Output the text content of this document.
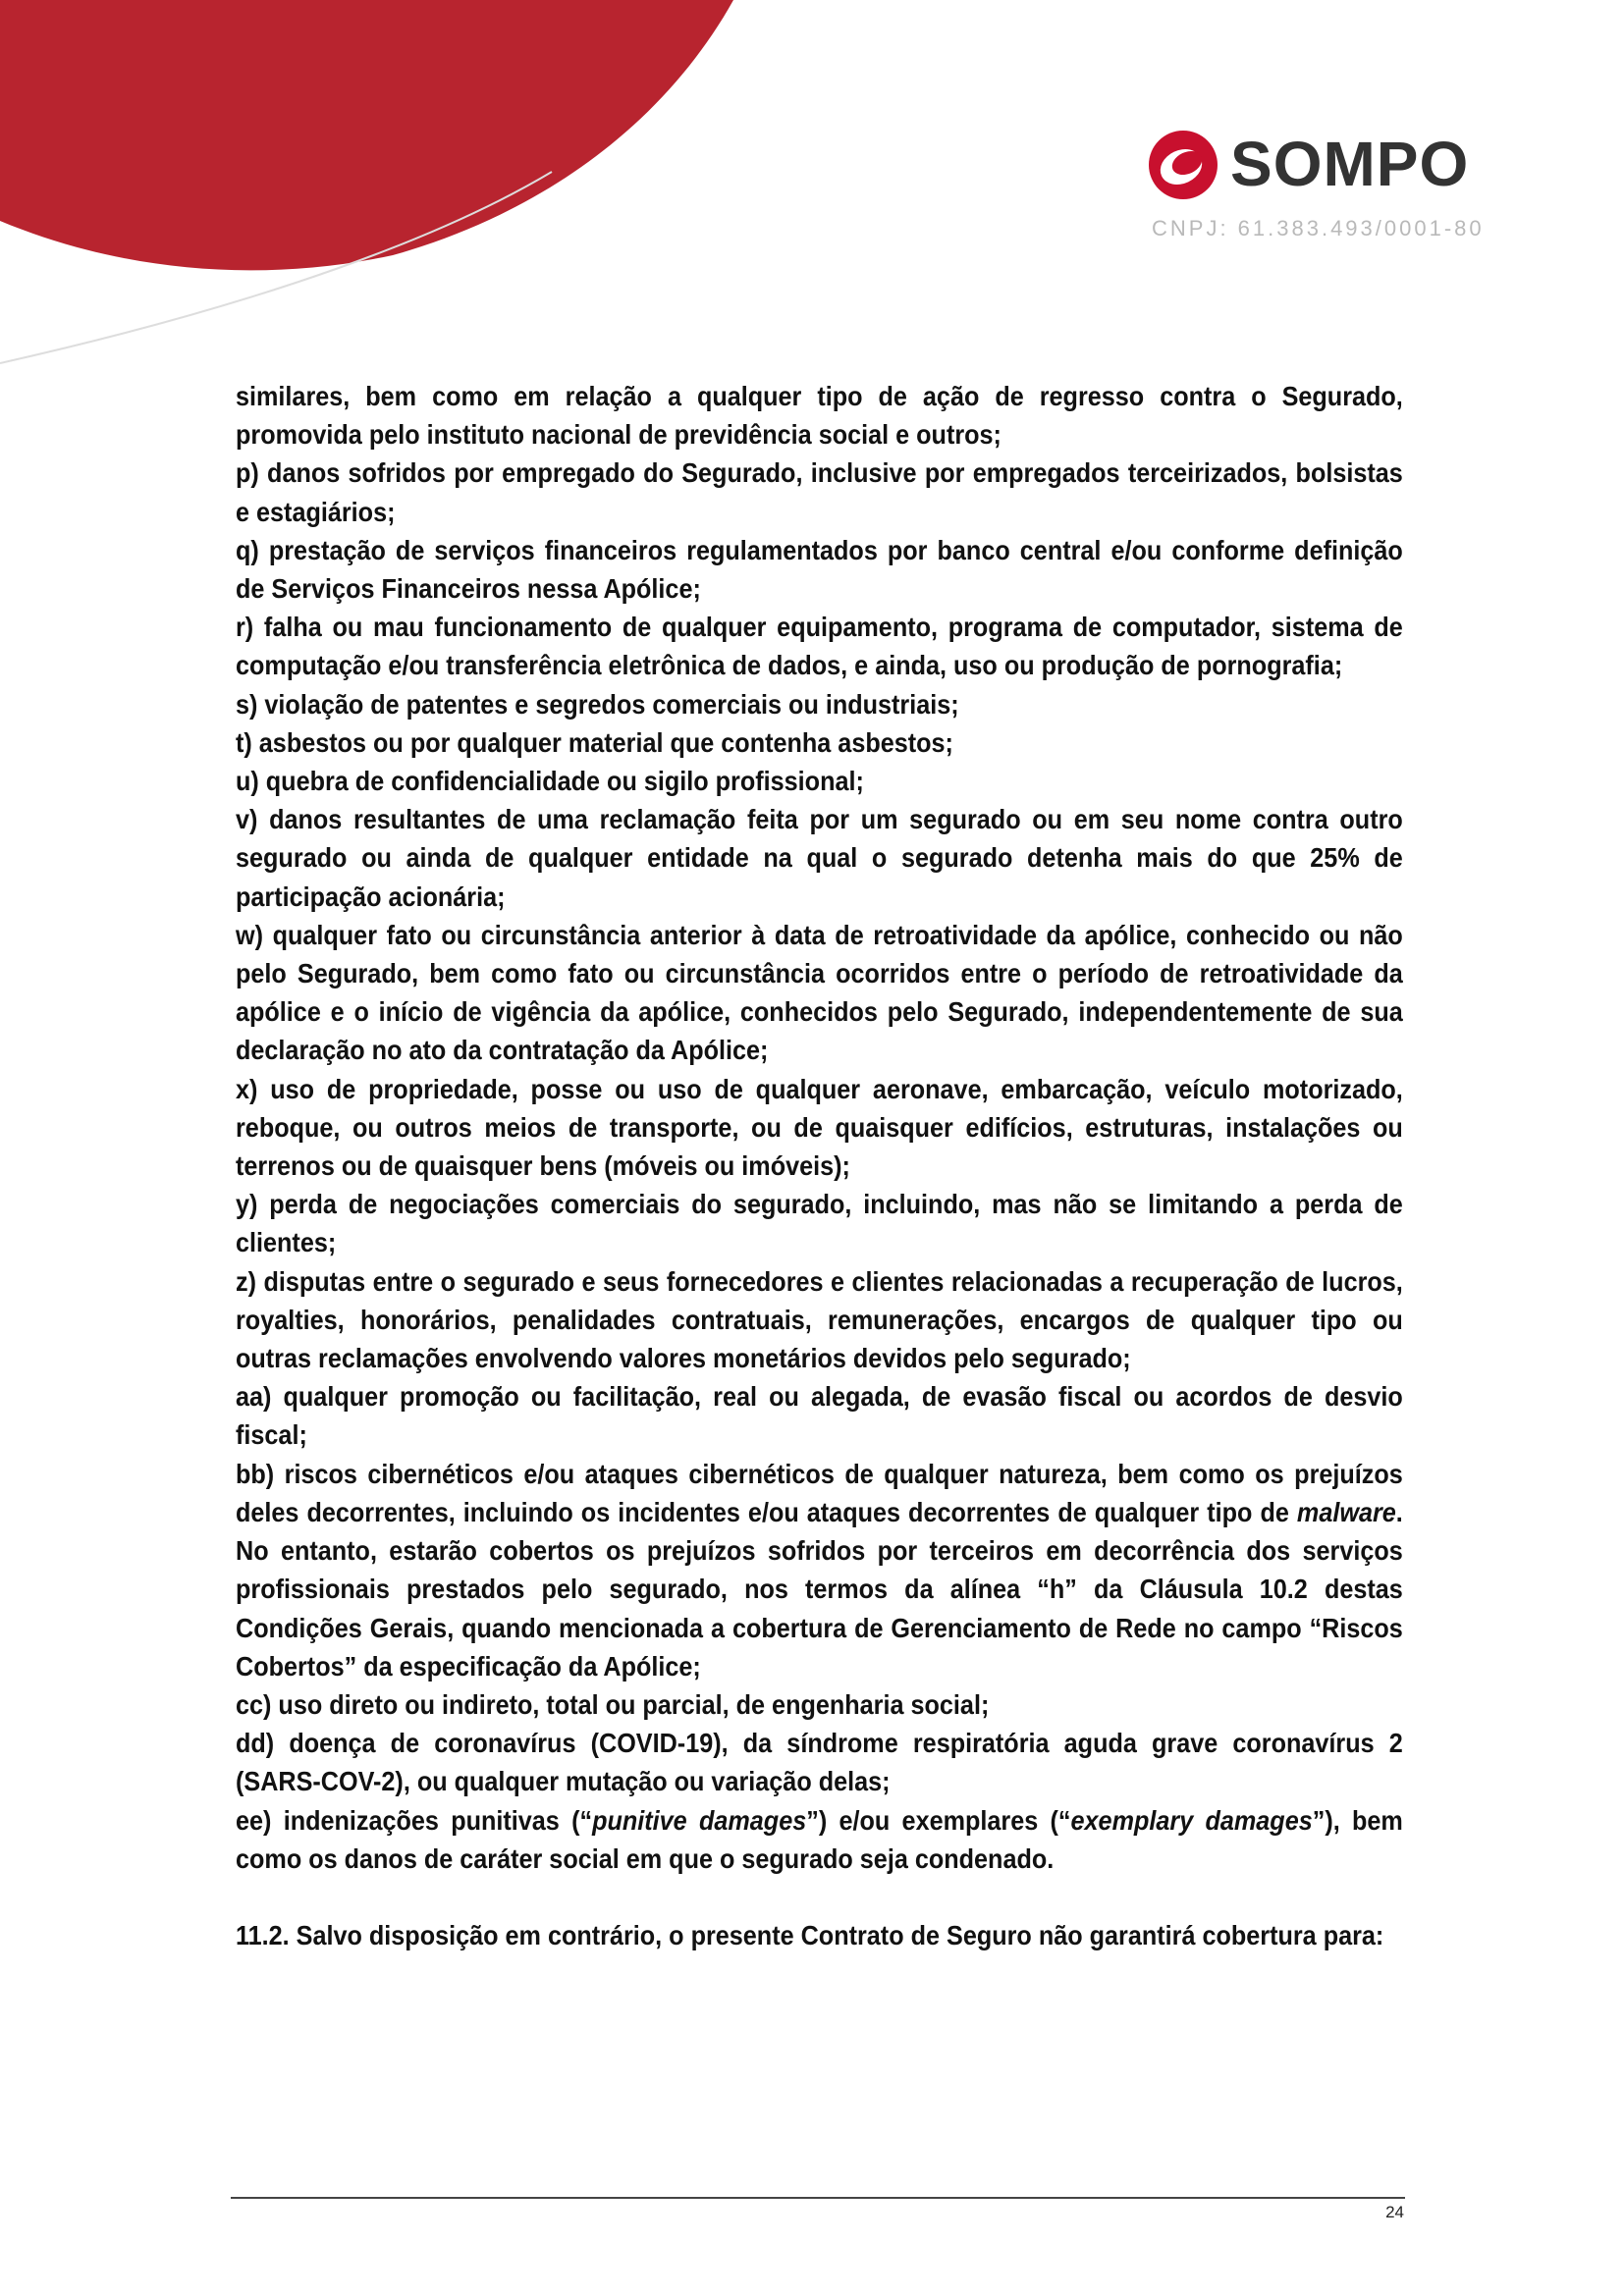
SOMPO
CNPJ: 61.383.493/0001-80

similares, bem como em relação a qualquer tipo de ação de regresso contra o Segurado, promovida pelo instituto nacional de previdência social e outros;

p) danos sofridos por empregado do Segurado, inclusive por empregados terceirizados, bolsistas e estagiários;

q) prestação de serviços financeiros regulamentados por banco central e/ou conforme definição de Serviços Financeiros nessa Apólice;

r) falha ou mau funcionamento de qualquer equipamento, programa de computador, sistema de computação e/ou transferência eletrônica de dados, e ainda, uso ou produção de pornografia;

s) violação de patentes e segredos comerciais ou industriais;

t) asbestos ou por qualquer material que contenha asbestos;

u) quebra de confidencialidade ou sigilo profissional;

v) danos resultantes de uma reclamação feita por um segurado ou em seu nome contra outro segurado ou ainda de qualquer entidade na qual o segurado detenha mais do que 25% de participação acionária;

w) qualquer fato ou circunstância anterior à data de retroatividade da apólice, conhecido ou não pelo Segurado, bem como fato ou circunstância ocorridos entre o período de retroatividade da apólice e o início de vigência da apólice, conhecidos pelo Segurado, independentemente de sua declaração no ato da contratação da Apólice;

x) uso de propriedade, posse ou uso de qualquer aeronave, embarcação, veículo motorizado, reboque, ou outros meios de transporte, ou de quaisquer edifícios, estruturas, instalações ou terrenos ou de quaisquer bens (móveis ou imóveis);

y) perda de negociações comerciais do segurado, incluindo, mas não se limitando a perda de clientes;

z) disputas entre o segurado e seus fornecedores e clientes relacionadas a recuperação de lucros, royalties, honorários, penalidades contratuais, remunerações, encargos de qualquer tipo ou outras reclamações envolvendo valores monetários devidos pelo segurado;

aa) qualquer promoção ou facilitação, real ou alegada, de evasão fiscal ou acordos de desvio fiscal;

bb) riscos cibernéticos e/ou ataques cibernéticos de qualquer natureza, bem como os prejuízos deles decorrentes, incluindo os incidentes e/ou ataques decorrentes de qualquer tipo de malware. No entanto, estarão cobertos os prejuízos sofridos por terceiros em decorrência dos serviços profissionais prestados pelo segurado, nos termos da alínea “h” da Cláusula 10.2 destas Condições Gerais, quando mencionada a cobertura de Gerenciamento de Rede no campo “Riscos Cobertos” da especificação da Apólice;

cc) uso direto ou indireto, total ou parcial, de engenharia social;

dd) doença de coronavírus (COVID-19), da síndrome respiratória aguda grave coronavírus 2 (SARS-COV-2), ou qualquer mutação ou variação delas;

ee) indenizações punitivas (“punitive damages”) e/ou exemplares (“exemplary damages”), bem como os danos de caráter social em que o segurado seja condenado.

11.2. Salvo disposição em contrário, o presente Contrato de Seguro não garantirá cobertura para:

24
